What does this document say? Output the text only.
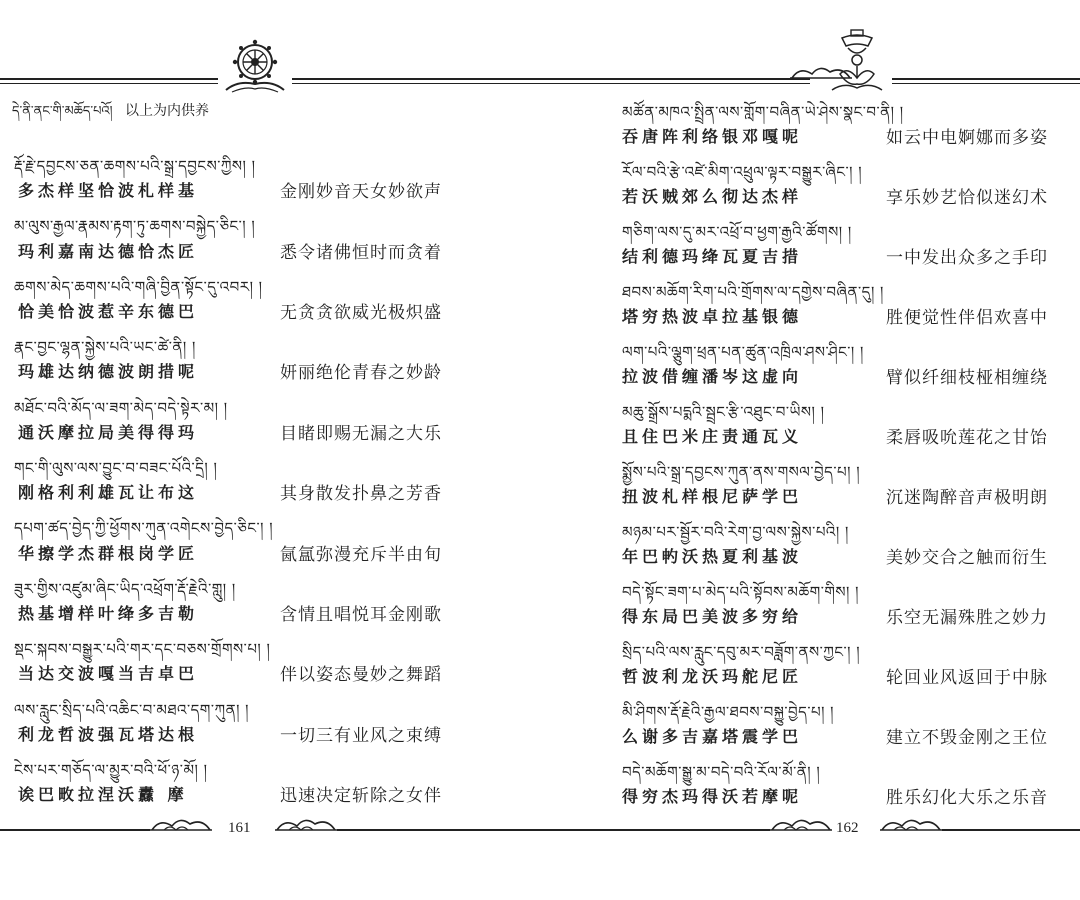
དེ་ནི་ནང་གི་མཆོད་པའོ། 以上为内供养
རྡོ་རྗེ་དབྱངས་ཅན་ཆགས་པའི་སྒྲ་དབྱངས་ཀྱིས། །
多杰样坚恰波札样基	金刚妙音天女妙欲声
མ་ལུས་རྒྱལ་རྣམས་རྟག་ཏུ་ཆགས་བསྐྱེད་ཅིང་། །
玛利嘉南达德恰杰匠	悉令诸佛恒时而贪着
ཆགས་མེད་ཆགས་པའི་གཞི་བྱིན་སྟོང་དུ་འབར། །
恰美恰波惹辛东德巴	无贪贪欲威光极炽盛
རྣང་བྱང་ལྷན་སྐྱེས་པའི་ཡང་ཚེ་ནི། །
玛雄达纳德波朗措呢	妍丽绝伦青春之妙龄
མཐོང་བའི་མོད་ལ་ཟག་མེད་བདེ་སྟེར་མ། །
通沃摩拉局美得得玛	目睹即赐无漏之大乐
གང་གི་ལུས་ལས་བྱུང་བ་བཟང་པོའི་དྲི། །
刚格利利雄瓦让布这	其身散发扑鼻之芳香
དཔག་ཚད་བྱེད་ཀྱི་ཕྱོགས་ཀུན་འགེངས་བྱེད་ཅིང་། །
华擦学杰群根岗学匠	氤氲弥漫充斥半由旬
ཟུར་གྱིས་འཛུམ་ཞིང་ཡིད་འཕྲོག་རྡོ་རྗེའི་གླུ། །
热基增样叶绛多吉勒	含情且唱悦耳金刚歌
སྡང་སྐབས་བསྒྱུར་པའི་གར་དང་བཅས་གྲོགས་པ། །
当达交波嘎当吉卓巴	伴以姿态曼妙之舞蹈
ལས་རླུང་སྲིད་པའི་འཆིང་བ་མཐའ་དག་ཀུན། །
利龙哲波强瓦塔达根	一切三有业风之束缚
ངེས་པར་གཅོད་ལ་མྱུར་བའི་ཕོ་ཉ་མོ། །
诶巴畋拉涅沃纛 摩	迅速决定斩除之女伴
161
མཚོན་མཁའ་སྤྲིན་ལས་གློག་བཞིན་ཡེ་ཤེས་སྣང་བ་ནི། །
吞唐阵利络银邓嘎呢	如云中电婀娜而多姿
རོལ་བའི་རྩེ་འཛེ་མིག་འཕྲུལ་ལྟར་བསྒྱུར་ཞིང་། །
若沃贼郊么彻达杰样	享乐妙艺恰似迷幻术
གཅིག་ལས་དུ་མར་འཕྲོ་བ་ཕྱག་རྒྱའི་ཚོགས། །
结利德玛绛瓦夏吉措	一中发出众多之手印
ཐབས་མཆོག་རིག་པའི་གྲོགས་ལ་དགྱེས་བཞིན་དུ། །
塔穷热波卓拉基银德	胜便觉性伴侣欢喜中
ལག་པའི་ལྕུག་ཕྲན་པན་ཚུན་འཁྲིལ་ཤས་ཤིང་། །
拉波借缠潘岑这虚向	臂似纤细枝桠相缠绕
མཆུ་སྒྲོས་པདྨའི་སྦྲང་རྩི་འཐུང་བ་ཡིས། །
且住巴米庄责通瓦义	柔唇吸吮莲花之甘饴
སྨྱོས་པའི་སྒྲ་དབྱངས་ཀུན་ནས་གསལ་བྱེད་པ། །
扭波札样根尼萨学巴	沉迷陶醉音声极明朗
མཉམ་པར་སྦྱོར་བའི་རེག་བྱ་ལས་སྐྱེས་པའི། །
年巴畃沃热夏利基波	美妙交合之触而衍生
བདེ་སྟོང་ཟག་པ་མེད་པའི་སྟོབས་མཆོག་གིས། །
得东局巴美波多穷给	乐空无漏殊胜之妙力
སྲིད་པའི་ལས་རླུང་དབུ་མར་བཟློག་ནས་ཀྱང་། །
哲波利龙沃玛舵尼匠	轮回业风返回于中脉
མི་ཤིགས་རྡོ་རྗེའི་རྒྱལ་ཐབས་བསྐྱུ་བྱེད་པ། །
么谢多吉嘉塔震学巴	建立不毁金刚之王位
བདེ་མཆོག་སྒྱུ་མ་བདེ་བའི་རོལ་མོ་ནི། །
得穷杰玛得沃若摩呢	胜乐幻化大乐之乐音
162
